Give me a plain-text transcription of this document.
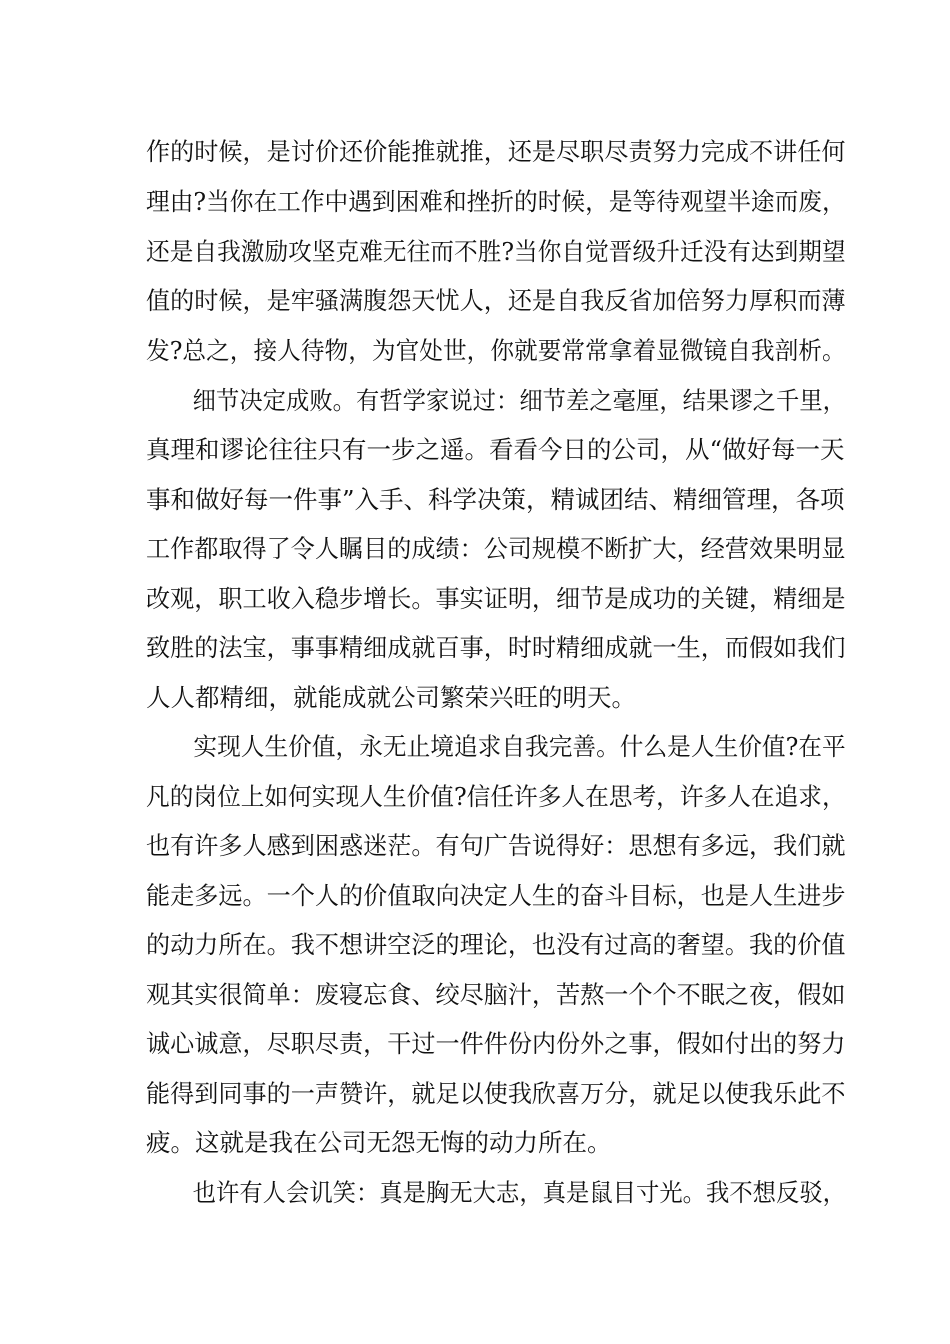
作的时候，是讨价还价能推就推，还是尽职尽责努力完成不讲任何
理由?当你在工作中遇到困难和挫折的时候，是等待观望半途而废，
还是自我激励攻坚克难无往而不胜?当你自觉晋级升迁没有达到期望
值的时候，是牢骚满腹怨天忧人，还是自我反省加倍努力厚积而薄
发?总之，接人待物，为官处世，你就要常常拿着显微镜自我剖析。
　　细节决定成败。有哲学家说过：细节差之毫厘，结果谬之千里，
真理和谬论往往只有一步之遥。看看今日的公司，从“做好每一天
事和做好每一件事”入手、科学决策，精诚团结、精细管理，各项
工作都取得了令人瞩目的成绩：公司规模不断扩大，经营效果明显
改观，职工收入稳步增长。事实证明，细节是成功的关键，精细是
致胜的法宝，事事精细成就百事，时时精细成就一生，而假如我们
人人都精细，就能成就公司繁荣兴旺的明天。
　　实现人生价值，永无止境追求自我完善。什么是人生价值?在平
凡的岗位上如何实现人生价值?信任许多人在思考，许多人在追求，
也有许多人感到困惑迷茫。有句广告说得好：思想有多远，我们就
能走多远。一个人的价值取向决定人生的奋斗目标，也是人生进步
的动力所在。我不想讲空泛的理论，也没有过高的奢望。我的价值
观其实很简单：废寝忘食、绞尽脑汁，苦熬一个个不眠之夜，假如
诚心诚意，尽职尽责，干过一件件份内份外之事，假如付出的努力
能得到同事的一声赞许，就足以使我欣喜万分，就足以使我乐此不
疲。这就是我在公司无怨无悔的动力所在。
　　也许有人会讥笑：真是胸无大志，真是鼠目寸光。我不想反驳，
